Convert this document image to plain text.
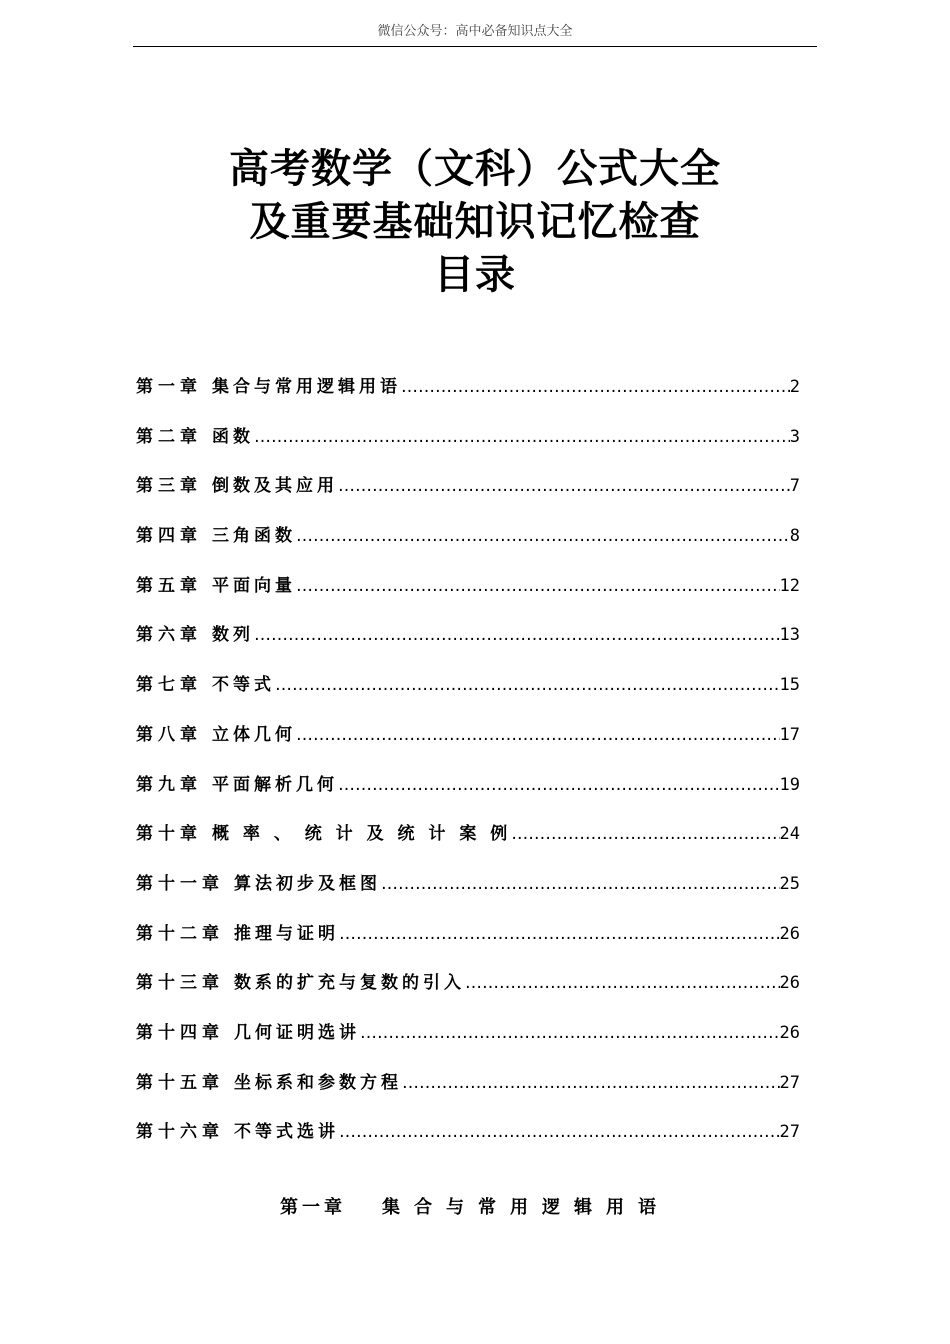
微信公众号：高中必备知识点大全
高考数学（文科）公式大全
及重要基础知识记忆检查
目录
第一章 集合与常用逻辑用语 …………………………………………………………………………………………………………………………………………………………………………………………………………………………	2
第二章 函数 …………………………………………………………………………………………………………………………………………………………………………………………………………………………	3
第三章 倒数及其应用 …………………………………………………………………………………………………………………………………………………………………………………………………………………………	7
第四章 三角函数 …………………………………………………………………………………………………………………………………………………………………………………………………………………………	8
第五章 平面向量 …………………………………………………………………………………………………………………………………………………………………………………………………………………………	12
第六章 数列 …………………………………………………………………………………………………………………………………………………………………………………………………………………………	13
第七章 不等式 …………………………………………………………………………………………………………………………………………………………………………………………………………………………	15
第八章 立体几何 …………………………………………………………………………………………………………………………………………………………………………………………………………………………	17
第九章 平面解析几何 …………………………………………………………………………………………………………………………………………………………………………………………………………………………	19
第十章 概 率 、 统 计 及 统 计 案 例 …………………………………………………………………………………………………………………………………………………………………………………………………………………………	24
第十一章 算法初步及框图 …………………………………………………………………………………………………………………………………………………………………………………………………………………………	25
第十二章 推理与证明 …………………………………………………………………………………………………………………………………………………………………………………………………………………………	26
第十三章 数系的扩充与复数的引入 …………………………………………………………………………………………………………………………………………………………………………………………………………………………	26
第十四章 几何证明选讲 …………………………………………………………………………………………………………………………………………………………………………………………………………………………	26
第十五章 坐标系和参数方程 …………………………………………………………………………………………………………………………………………………………………………………………………………………………	27
第十六章 不等式选讲 …………………………………………………………………………………………………………………………………………………………………………………………………………………………	27
第一章 集合与常用逻辑用语
